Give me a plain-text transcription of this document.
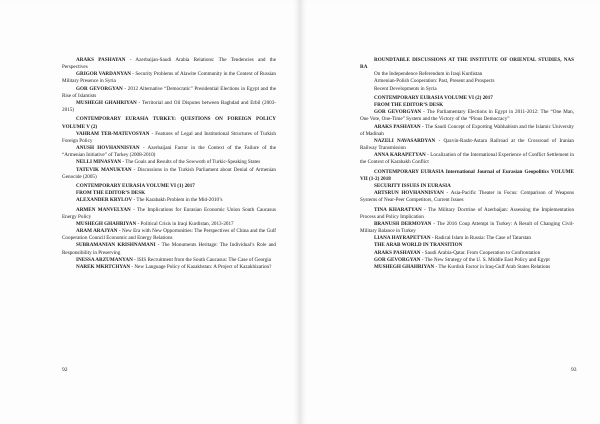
ARAKS PASHAYAN - Azerbaijan-Saudi Arabia Relations: The Tendencies and the Perspectives

GRIGOR VARDANYAN - Security Problems of Alawite Community in the Context of Russian Military Presence in Syria

GOR GEVORGYAN - 2012 Alternative “Democratic” Presidential Elections in Egypt and the Rise of Islamists

MUSHEGH GHAHRIYAN - Territorial and Oil Disputes between Baghdad and Erbil (2003-2015)

CONTEMPORARY EURASIA TURKEY: QUESTIONS ON FOREIGN POLICY VOLUME V (2)

VAHRAM TER-MATEVOSYAN - Features of Legal and Institutional Structures of Turkish Foreign Policy

ANUSH HOVHANNISYAN - Azerbaijani Factor in the Context of the Failure of the “Armenian Initiative” of Turkey (2008-2010)

NELLI MINASYAN - The Goals and Results of the Sowwoth of Turkic-Speaking States

TATEVIK MANUKYAN - Discussions in the Turkish Parliament about Denial of Armenian Genocide (2005)

CONTEMPORARY EURASIA VOLUME VI (1) 2017

FROM THE EDITOR’S DESK

ALEXANDER KRYLOV - The Karabakh Problem in the Mid-2010’s

ARMEN MANVELYAN - The Implications for Eurasian Economic Union South Caucasus Energy Policy

MUSHEGH GHAHRIYAN - Political Crisis in Iraqi Kurdistan, 2013-2017

ARAM ARAJYAN - New Era with New Opportunities: The Perspectives of China and the Gulf Cooperation Council Economic and Energy Relations

SUBRAMANIAN KRISHNAMANI - The Monuments Heritage: The Individual’s Role and Responsibility in Preserving

INESSA ARZUMANYAN - ISIS Recruitment from the South Caucasus: The Case of Georgia

NAREK MKRTCHYAN - New Language Policy of Kazakhstan: A Project of Kazakhization?

92

ROUNDTABLE DISCUSSIONS AT THE INSTITUTE OF ORIENTAL STUDIES, NAS RA

On the Independence Referendum in Iraqi Kurdistan

Armenian-Polish Cooperation: Past, Present and Prospects

Recent Developments in Syria

CONTEMPORARY EURASIA VOLUME VI (2) 2017

FROM THE EDITOR’S DESK

GOR GEVORGYAN - The Parliamentary Elections in Egypt in 2011-2012: The “One Man, One Vote, One-Time” System and the Victory of the “Pious Democracy”

ARAKS PASHAYAN - The Saudi Concept of Exporting Wahhabism and the Islamic University of Madinah

NAZELI NAVASARDYAN - Qazvin-Rasht-Astara Railroad at the Crossroad of Iranian Railway Transmission

ANNA KARAPETYAN - Localization of the International Experience of Conflict Settlement in the Context of Karabakh Conflict

CONTEMPORARY EURASIA International Journal of Eurasian Geopolitics VOLUME VII (1-2) 2018

SECURITY ISSUES IN EURASIA

ARTSRUN HOVHANNISYAN - Asia-Pacific Theater in Focus: Comparison of Weapons Systems of Near-Peer Competitors, Current Issues

TINA KHARATYAN - The Military Doctrine of Azerbaijan: Assessing the Implementation Process and Policy Implication

BRANUSH DERMOYAN - The 2016 Coup Attempt in Turkey: A Result of Changing Civil-Military Balance in Turkey

LIANA HAYRAPETYAN - Radical Islam in Russia: The Case of Tatarstan

THE ARAB WORLD IN TRANSITION

ARAKS PASHAYAN - Saudi Arabia-Qatar. From Cooperation to Confrontation

GOR GEVORGYAN - The New Strategy of the U. S. Middle East Policy and Egypt

MUSHEGH GHAHRIYAN - The Kurdish Factor in Iraq-Gulf Arab States Relations

93
